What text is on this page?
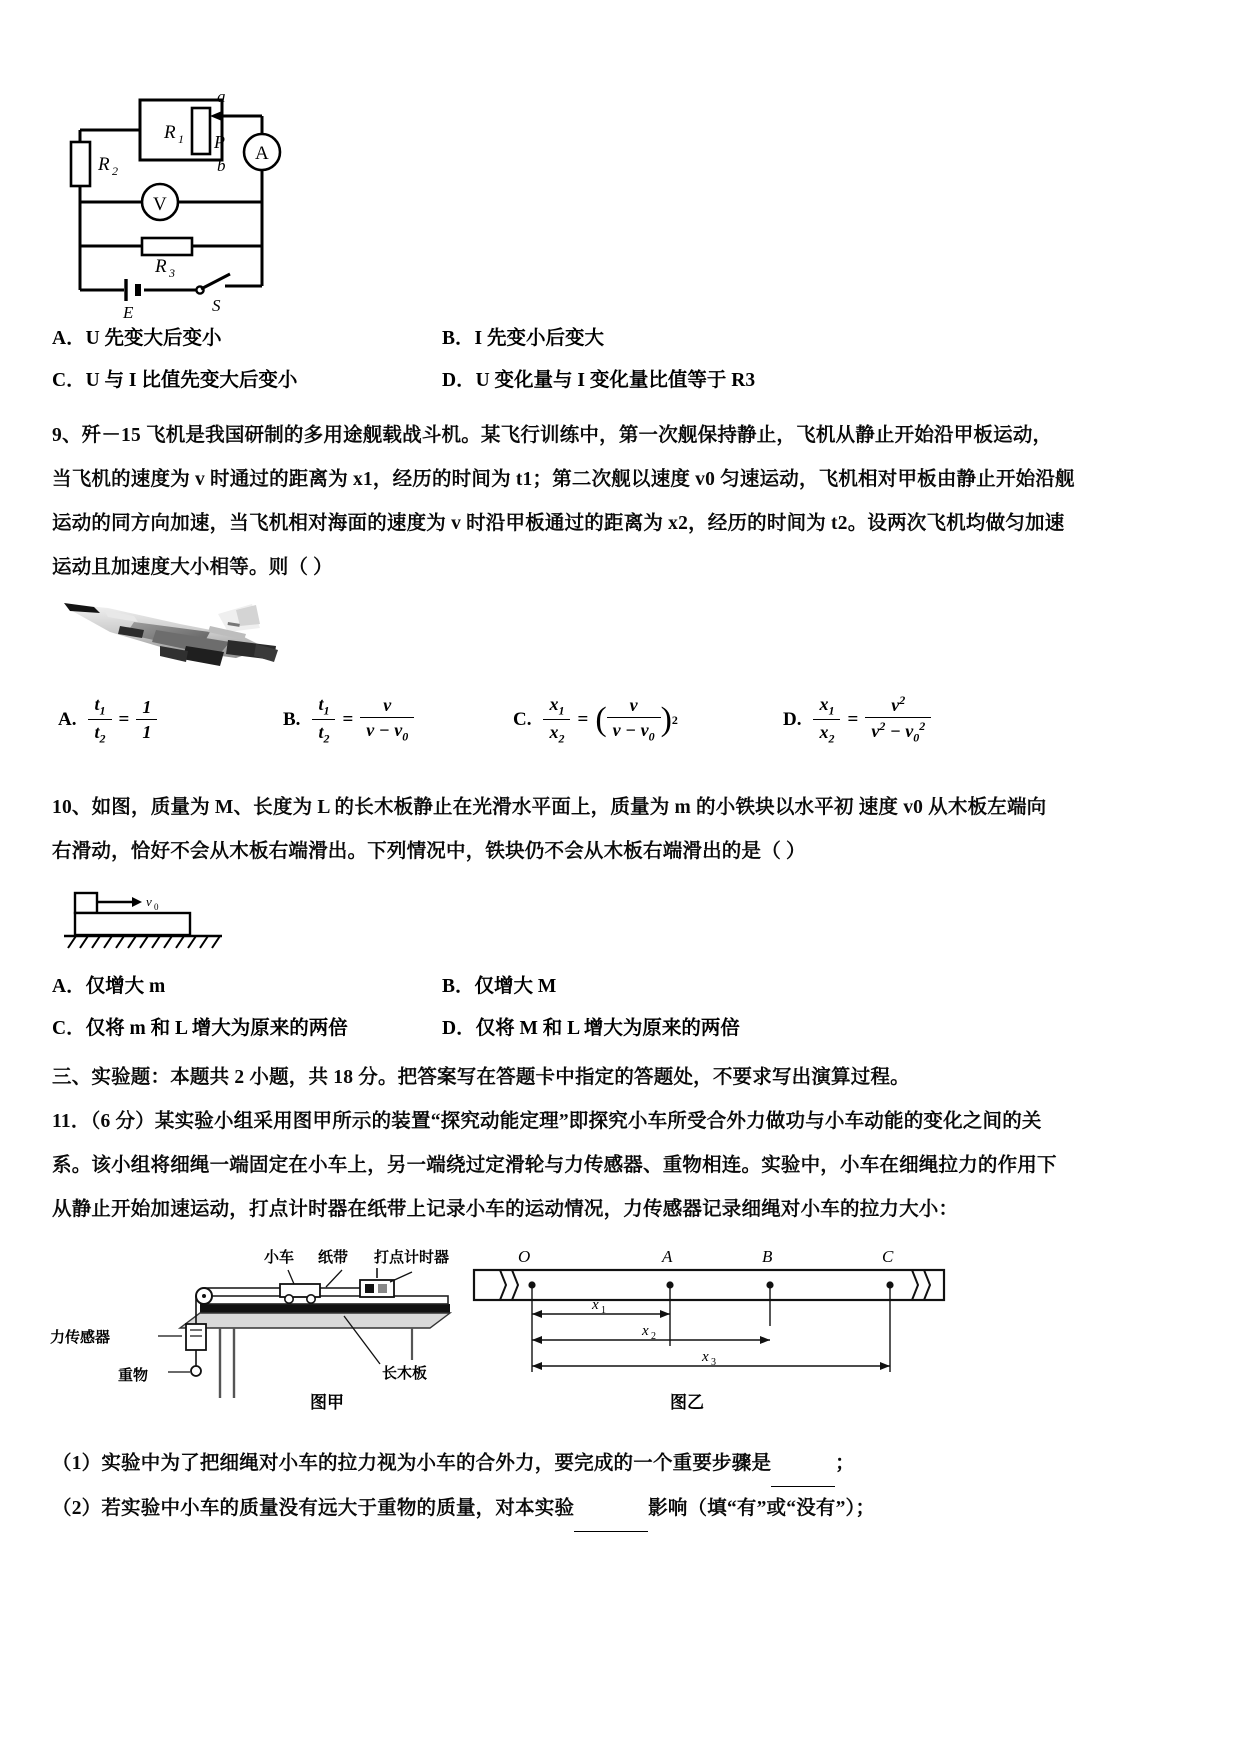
R 1
R 2
R 3
a
b
P
A
V
E	S
A．U 先变大后变小	B．I 先变小后变大
C．U 与 I 比值先变大后变小	D．U 变化量与 I 变化量比值等于 R3
9、歼－15 飞机是我国研制的多用途舰载战斗机。某飞行训练中，第一次舰保持静止，飞机从静止开始沿甲板运动，
当飞机的速度为 v 时通过的距离为 x1，经历的时间为 t1；第二次舰以速度 v0 匀速运动，飞机相对甲板由静止开始沿舰
运动的同方向加速，当飞机相对海面的速度为 v 时沿甲板通过的距离为 x2，经历的时间为 t2。设两次飞机均做匀加速
运动且加速度大小相等。则（ ）
A. $\frac{t_1}{t_2} = \frac{1}{1}$	B. $\frac{t_1}{t_2} = \frac{v}{v - v_0}$	C. $\frac{x_1}{x_2}$ = ( $\frac{v}{v - v_0}$ ) 2	D. $\frac{x_1}{x_2} = \frac{v^2}{v^2 - v_0^2}$
10、如图，质量为 M、长度为 L 的长木板静止在光滑水平面上，质量为 m 的小铁块以水平初 速度 v0 从木板左端向
右滑动，恰好不会从木板右端滑出。下列情况中，铁块仍不会从木板右端滑出的是（ ）
v 0
A．仅增大 m	B．仅增大 M
C．仅将 m 和 L 增大为原来的两倍	D．仅将 M 和 L 增大为原来的两倍
三、实验题：本题共 2 小题，共 18 分。把答案写在答题卡中指定的答题处，不要求写出演算过程。
11．（6 分）某实验小组采用图甲所示的装置“探究动能定理”即探究小车所受合外力做功与小车动能的变化之间的关
系。该小组将细绳一端固定在小车上，另一端绕过定滑轮与力传感器、重物相连。实验中，小车在细绳拉力的作用下
从静止开始加速运动，打点计时器在纸带上记录小车的运动情况，力传感器记录细绳对小车的拉力大小：
小车 纸带 打点计时器
力传感器
重物	长木板
图甲
O	A	B	C
x 1
x 2
x 3
图乙
（1）实验中为了把细绳对小车的拉力视为小车的合外力，要完成的一个重要步骤是	；
（2）若实验中小车的质量没有远大于重物的质量，对本实验	影响（填“有”或“没有”）；
